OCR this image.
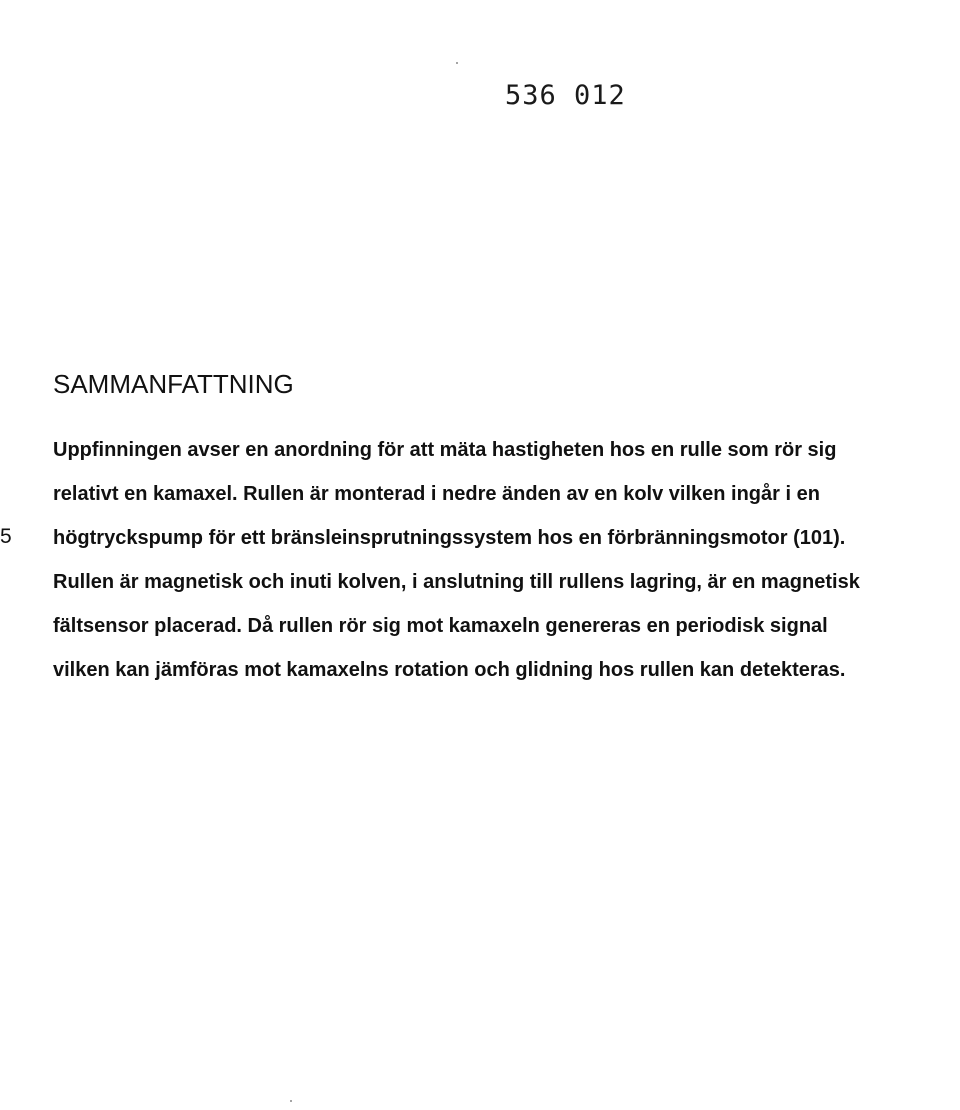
536 012
SAMMANFATTNING
5
Uppfinningen avser en anordning för att mäta hastigheten hos en rulle som rör sig
relativt en kamaxel. Rullen är monterad i nedre änden av en kolv vilken ingår i en
högtryckspump för ett bränsleinsprutningssystem hos en förbränningsmotor (101).
Rullen är magnetisk och inuti kolven, i anslutning till rullens lagring, är en magnetisk
fältsensor placerad. Då rullen rör sig mot kamaxeln genereras en periodisk signal
vilken kan jämföras mot kamaxelns rotation och glidning hos rullen kan detekteras.
